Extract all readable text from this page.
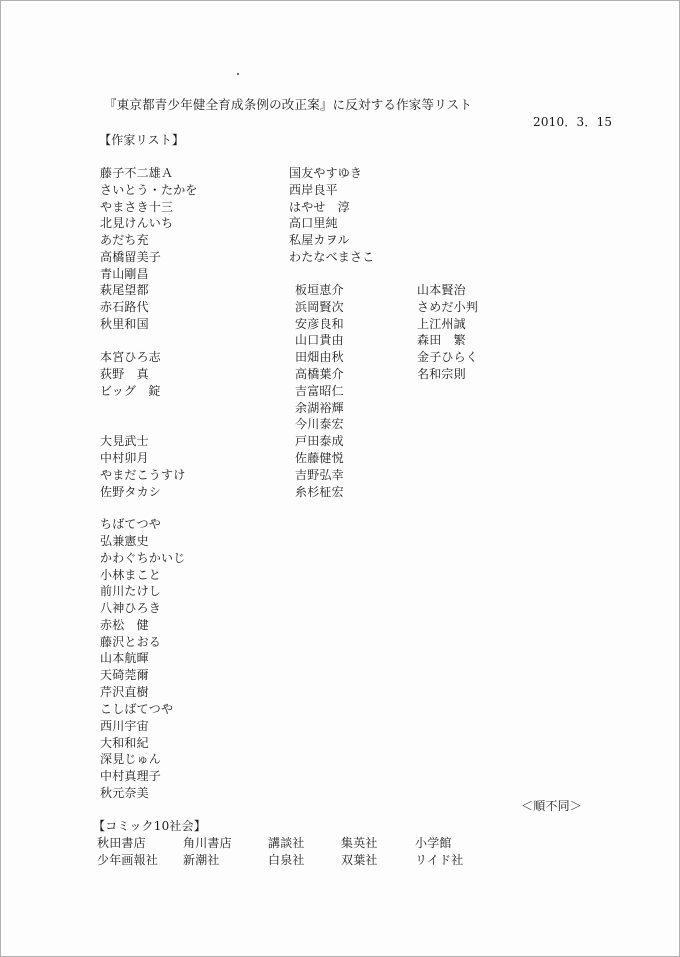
『東京都青少年健全育成条例の改正案』に反対する作家等リスト
2010．3．15
【作家リスト】
藤子不二雄Ａ
さいとう・たかを
やまさき十三
北見けんいち
あだち充
高橋留美子
青山剛昌
萩尾望都
赤石路代
秋里和国
本宮ひろ志
荻野　真
ビッグ　錠
大見武士
中村卯月
やまだこうすけ
佐野タカシ
ちばてつや
弘兼憲史
かわぐちかいじ
小林まこと
前川たけし
八神ひろき
赤松　健
藤沢とおる
山本航暉
天碕莞爾
芹沢直樹
こしばてつや
西川宇宙
大和和紀
深見じゅん
中村真理子
秋元奈美
国友やすゆき
西岸良平
はやせ　淳
高口里純
私屋カヲル
わたなべまさこ
板垣恵介
浜岡賢次
安彦良和
山口貴由
田畑由秋
高橋葉介
吉富昭仁
余湖裕輝
今川泰宏
戸田泰成
佐藤健悦
吉野弘幸
糸杉柾宏
山本賢治
さめだ小判
上江州誠
森田　繁
金子ひらく
名和宗則
＜順不同＞
【コミック10社会】
秋田書店	角川書店	講談社	集英社	小学館
少年画報社 新潮社	白泉社	双葉社	リイド社
